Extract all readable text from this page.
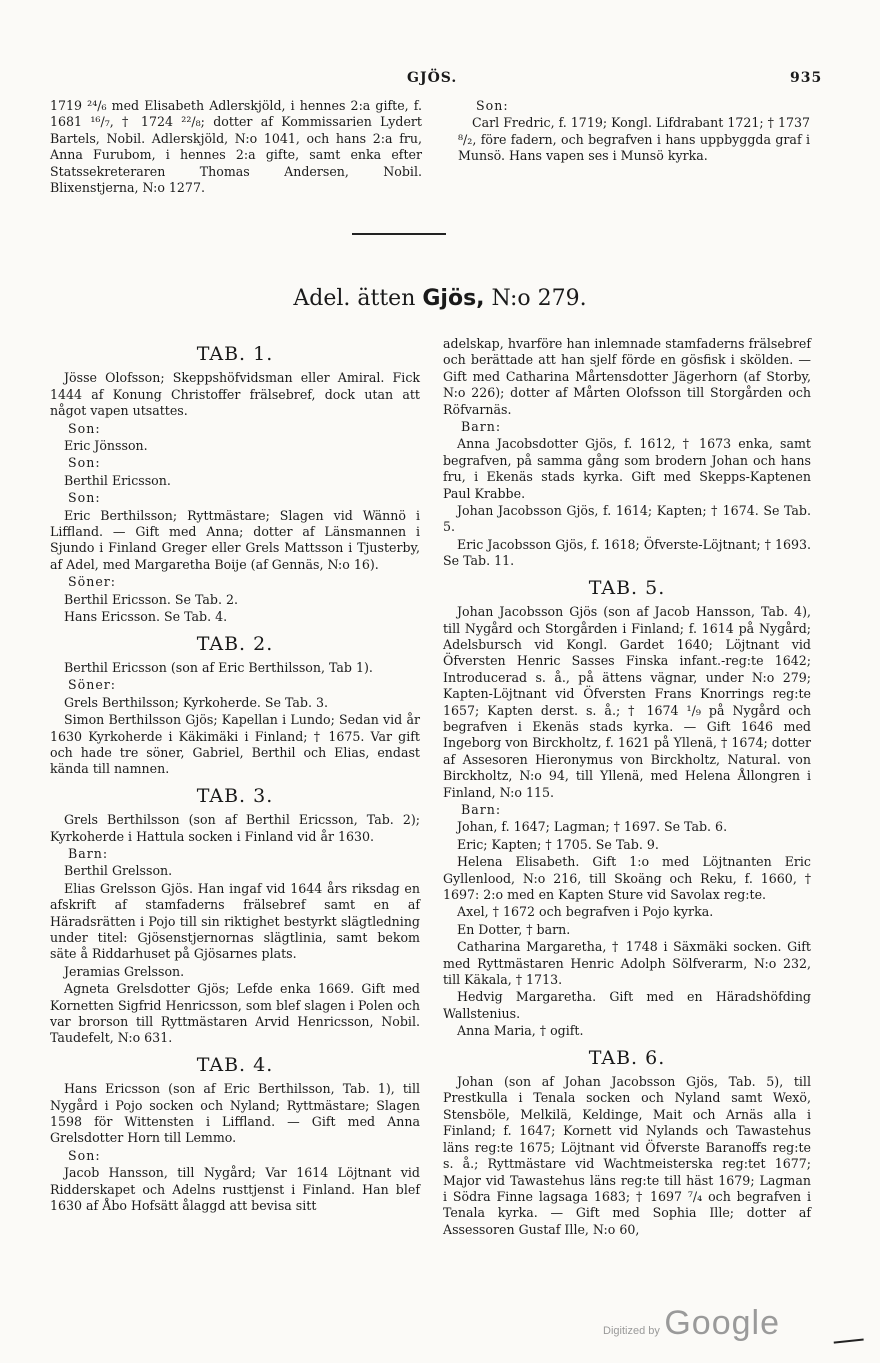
GJÖS.	935

1719 ²⁴/₆ med Elisabeth Adlerskjöld, i hennes 2:a gifte, f. 1681 ¹⁶/₇, † 1724 ²²/₈; dotter af Kommissarien Lydert Bartels, Nobil. Adlerskjöld, N:o 1041, och hans 2:a fru, Anna Furubom, i hennes 2:a gifte, samt enka efter Statssekreteraren Thomas Andersen, Nobil. Blixenstjerna, N:o 1277.

Son:

Carl Fredric, f. 1719; Kongl. Lifdrabant 1721; † 1737 ⁸/₂, före fadern, och begrafven i hans uppbyggda graf i Munsö. Hans vapen ses i Munsö kyrka.

Adel. ätten Gjös, N:o 279.
TAB. 1.

Jösse Olofsson; Skeppshöfvidsman eller Amiral. Fick 1444 af Konung Christoffer frälsebref, dock utan att något vapen utsattes.

Son:

Eric Jönsson.

Son:

Berthil Ericsson.

Son:

Eric Berthilsson; Ryttmästare; Slagen vid Wännö i Liffland. — Gift med Anna; dotter af Länsmannen i Sjundo i Finland Greger eller Grels Mattsson i Tjusterby, af Adel, med Margaretha Boije (af Gennäs, N:o 16).

Söner:

Berthil Ericsson. Se Tab. 2.

Hans Ericsson. Se Tab. 4.

TAB. 2.

Berthil Ericsson (son af Eric Berthilsson, Tab 1).

Söner:

Grels Berthilsson; Kyrkoherde. Se Tab. 3.

Simon Berthilsson Gjös; Kapellan i Lundo; Sedan vid år 1630 Kyrkoherde i Käkimäki i Finland; † 1675. Var gift och hade tre söner, Gabriel, Berthil och Elias, endast kända till namnen.

TAB. 3.

Grels Berthilsson (son af Berthil Ericsson, Tab. 2); Kyrkoherde i Hattula socken i Finland vid år 1630.

Barn:

Berthil Grelsson.

Elias Grelsson Gjös. Han ingaf vid 1644 års riksdag en afskrift af stamfaderns frälsebref samt en af Häradsrätten i Pojo till sin riktighet bestyrkt slägtledning under titel: Gjösenstjernornas slägtlinia, samt bekom säte å Riddarhuset på Gjösarnes plats.

Jeramias Grelsson.

Agneta Grelsdotter Gjös; Lefde enka 1669. Gift med Kornetten Sigfrid Henricsson, som blef slagen i Polen och var brorson till Ryttmästaren Arvid Henricsson, Nobil. Taudefelt, N:o 631.

TAB. 4.

Hans Ericsson (son af Eric Berthilsson, Tab. 1), till Nygård i Pojo socken och Nyland; Ryttmästare; Slagen 1598 för Wittensten i Liffland. — Gift med Anna Grelsdotter Horn till Lemmo.

Son:

Jacob Hansson, till Nygård; Var 1614 Löjtnant vid Ridderskapet och Adelns rusttjenst i Finland. Han blef 1630 af Åbo Hofsätt ålaggd att bevisa sitt

adelskap, hvarföre han inlemnade stamfaderns frälsebref och berättade att han sjelf förde en gösfisk i skölden. — Gift med Catharina Mårtensdotter Jägerhorn (af Storby, N:o 226); dotter af Mårten Olofsson till Storgården och Röfvarnäs.

Barn:

Anna Jacobsdotter Gjös, f. 1612, † 1673 enka, samt begrafven, på samma gång som brodern Johan och hans fru, i Ekenäs stads kyrka. Gift med Skepps-Kaptenen Paul Krabbe.

Johan Jacobsson Gjös, f. 1614; Kapten; † 1674. Se Tab. 5.

Eric Jacobsson Gjös, f. 1618; Öfverste-Löjtnant; † 1693. Se Tab. 11.

TAB. 5.

Johan Jacobsson Gjös (son af Jacob Hansson, Tab. 4), till Nygård och Storgården i Finland; f. 1614 på Nygård; Adelsbursch vid Kongl. Gardet 1640; Löjtnant vid Öfversten Henric Sasses Finska infant.-reg:te 1642; Introducerad s. å., på ättens vägnar, under N:o 279; Kapten-Löjtnant vid Öfversten Frans Knorrings reg:te 1657; Kapten derst. s. å.; † 1674 ¹/₉ på Nygård och begrafven i Ekenäs stads kyrka. — Gift 1646 med Ingeborg von Birckholtz, f. 1621 på Yllenä, † 1674; dotter af Assesoren Hieronymus von Birckholtz, Natural. von Birckholtz, N:o 94, till Yllenä, med Helena Ållongren i Finland, N:o 115.

Barn:

Johan, f. 1647; Lagman; † 1697. Se Tab. 6.

Eric; Kapten; † 1705. Se Tab. 9.

Helena Elisabeth. Gift 1:o med Löjtnanten Eric Gyllenlood, N:o 216, till Skoäng och Reku, f. 1660, † 1697: 2:o med en Kapten Sture vid Savolax reg:te.

Axel, † 1672 och begrafven i Pojo kyrka.

En Dotter, † barn.

Catharina Margaretha, † 1748 i Säxmäki socken. Gift med Ryttmästaren Henric Adolph Sölfverarm, N:o 232, till Käkala, † 1713.

Hedvig Margaretha. Gift med en Häradshöfding Wallstenius.

Anna Maria, † ogift.

TAB. 6.

Johan (son af Johan Jacobsson Gjös, Tab. 5), till Prestkulla i Tenala socken och Nyland samt Wexö, Stensböle, Melkilä, Keldinge, Mait och Arnäs alla i Finland; f. 1647; Kornett vid Nylands och Tawastehus läns reg:te 1675; Löjtnant vid Öfverste Baranoffs reg:te s. å.; Ryttmästare vid Wachtmeisterska reg:tet 1677; Major vid Tawastehus läns reg:te till häst 1679; Lagman i Södra Finne lagsaga 1683; † 1697 ⁷/₄ och begrafven i Tenala kyrka. — Gift med Sophia Ille; dotter af Assessoren Gustaf Ille, N:o 60,

Digitized by Google
